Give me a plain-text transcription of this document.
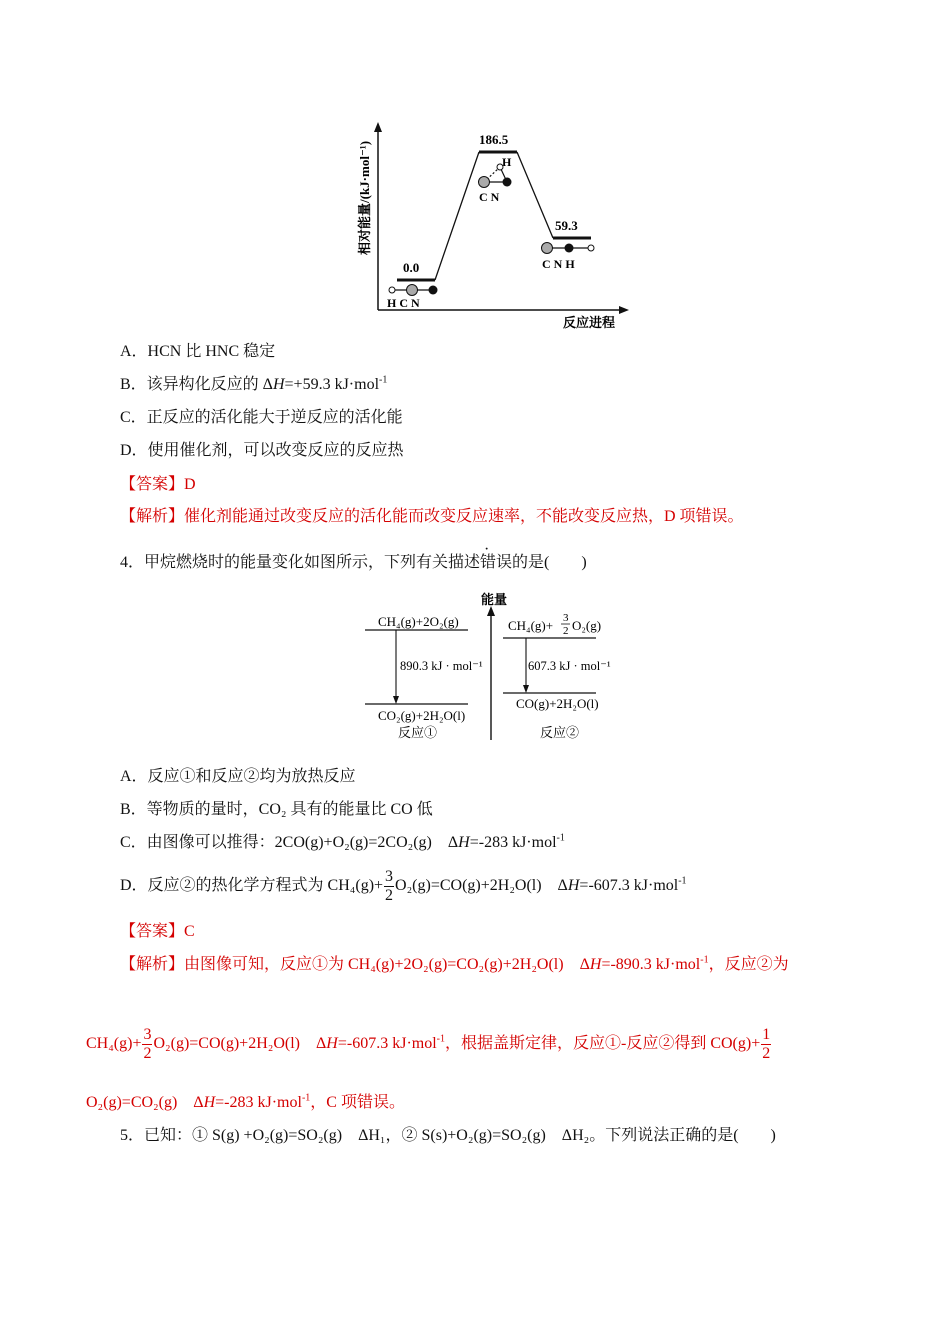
0.0
186.5
59.3
H C N
H
C N
C N H
相对能量/(kJ·mol⁻¹)
反应进程
A．HCN 比 HNC 稳定
B．该异构化反应的 ΔH=+59.3 kJ·mol$^{-1}$
C．正反应的活化能大于逆反应的活化能
D．使用催化剂，可以改变反应的反应热
【答案】D
【解析】催化剂能通过改变反应的活化能而改变反应速率，不能改变反应热，D 项错误。
4．甲烷燃烧时的能量变化如图所示，下列有关描述错误的是(　　)
能量
CH₄(g)+2O₂(g)
890.3 kJ · mol⁻¹
CO₂(g)+2H₂O(l)
反应①
CH₄(g)+ 3
2 O₂(g)
607.3 kJ · mol⁻¹
CO(g)+2H₂O(l)
反应②
A．反应①和反应②均为放热反应
B．等物质的量时，CO₂ 具有的能量比 CO 低
C．由图像可以推得：2CO(g)+O₂(g)=2CO₂(g)　ΔH=-283 kJ·mol$^{-1}$
D．反应②的热化学方程式为 $CH_4(g)+ \frac{3}{2} O_2(g)=CO(g)+2H_2O(l)$　ΔH=-607.3 kJ·mol$^{-1}$
【答案】C
【解析】由图像可知，反应①为 CH₄(g)+2O₂(g)=CO₂(g)+2H₂O(l)　ΔH=-890.3 kJ·mol$^{-1}$，反应②为
$CH_4(g)+ \frac{3}{2} O_2(g)=CO(g)+2H_2O(l)$　ΔH=-607.3 kJ·mol$^{-1}$，根据盖斯定律，反应①-反应②得到 $CO(g)+ \frac{1}{2}$
O₂(g)=CO₂(g)　ΔH=-283 kJ·mol$^{-1}$，C 项错误。
5．已知：① S(g) +O₂(g)=SO₂(g)　ΔH₁，② S(s)+O₂(g)=SO₂(g)　ΔH₂。下列说法正确的是(　　)
